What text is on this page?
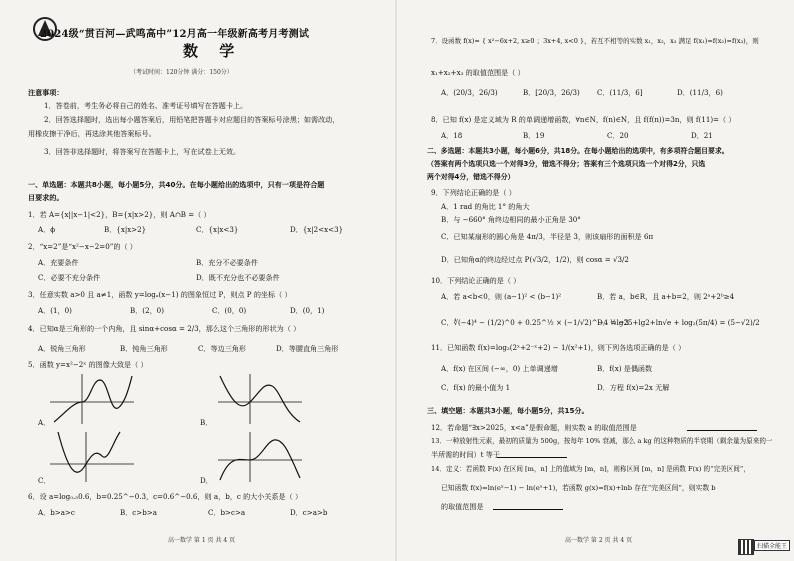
2024级“贯百河—武鸣高中”12月高一年级新高考月考测试
数 学
（考试时间：120分钟 满分：150分）
注意事项：
1．答卷前，考生务必将自己的姓名、准考证号填写在答题卡上。
2．回答选择题时，选出每小题答案后，用铅笔把答题卡对应题目的答案标号涂黑；如需改动，
用橡皮擦干净后，再选涂其他答案标号。
3．回答非选择题时，将答案写在答题卡上，写在试卷上无效。
一、单选题：本题共8小题，每小题5分，共40分。在每小题给出的选项中，只有一项是符合题
目要求的。
1．若 A={x||x−1|<2}，B={x|x>2}，则 A∩B =（ ）
A．ϕ	B．{x|x>2}	C．{x|x<3}	D．{x|2<x<3}
2．“x=2”是“x²−x−2=0”的（ ）
A．充要条件	B．充分不必要条件
C．必要不充分条件	D．既不充分也不必要条件
3．任意实数 a>0 且 a≠1，函数 y=logₐ(x−1) 的图象恒过 P，则点 P 的坐标（ ）
A．(1，0)	B．(2，0)	C．(0，0)	D．(0，1)
4．已知α是三角形的一个内角，且 sinα+cosα = 2/3，那么这个三角形的形状为（ ）
A．锐角三角形	B．钝角三角形	C．等边三角形	D．等腰直角三角形
5．函数 y=x²−2ˣ 的图像大致是（ ）
A．	B．
C．	D．
6．设 a=log₀.₅0.6，b=0.25^−0.3，c=0.6^−0.6，则 a，b，c 的大小关系是（ ）
A．b>a>c	B．c>b>a	C．b>c>a	D．c>a>b
高一数学 第 1 页 共 4 页
7．设函数 f(x)= { x²−6x+2, x≥0 ；3x+4, x<0 }，若互不相等的实数 x₁，x₂，x₃ 满足 f(x₁)=f(x₂)=f(x₃)，则
x₁+x₂+x₃ 的取值范围是（ ）
A．(20/3，26/3)	B．[20/3，26/3) C．(11/3，6]	D．(11/3，6)
8．已知 f(x) 是定义域为 R 的单调递增函数，∀n∈N，f(n)∈N，且 f(f(n))=3n，则 f(11)=（ ）
A．18	B．19	C．20	D．21
二、多选题：本题共3小题，每小题6分，共18分。在每小题给出的选项中，有多项符合题目要求。
（答案有两个选项只选一个对得3分，错选不得分；答案有三个选项只选一个对得2分，只选
两个对得4分，错选不得分）
9．下列结论正确的是（ ）
A．1 rad 的角比 1° 的角大
B．与 −660° 角终边相同的最小正角是 30°
C．已知某扇形的圆心角是 4π/3，半径是 3，则该扇形的面积是 6π
D．已知角α的终边经过点 P(√3/2，1/2)，则 cosα = √3/2
10．下列结论正确的是（ ）
A．若 a<b<0，则 (a−1)² < (b−1)²	B．若 a，b∈R，且 a+b=2，则 2ᵃ+2ᵇ≥4
C．∜(−4)⁴ − (1/2)^0 + 0.25^½ × (−1/√2)^−4 = −3
D．½lg25+lg2+ln√e + log₂(5π/4) = (5−√2)/2
11．已知函数 f(x)=log₂(2ˣ+2⁻ˣ+2) − 1/(x²+1)，则下列各选项正确的是（ ）
A．f(x) 在区间 (−∞，0) 上单调递增	B．f(x) 是偶函数
C．f(x) 的最小值为 1	D．方程 f(x)=2x 无解
三、填空题：本题共3小题，每小题5分，共15分。
12．若命题“∃x>2025，x<a”是假命题，则实数 a 的取值范围是
13．一种放射性元素，最初的质量为 500g，按每年 10% 衰减，那么 a kg 的这种物质的半衰期（剩余量为原来的一
半所需的时间）t 等于
14．定义：若函数 F(x) 在区间 [m，n] 上的值域为 [m，n]，则称区间 [m，n] 是函数 F(x) 的“完美区间”，
已知函数 f(x)=ln(eˣ−1) − ln(eˣ+1)，若函数 g(x)=f(x)+lnb 存在“完美区间”，则实数 b
的取值范围是
高一数学 第 2 页 共 4 页
扫描全能王
